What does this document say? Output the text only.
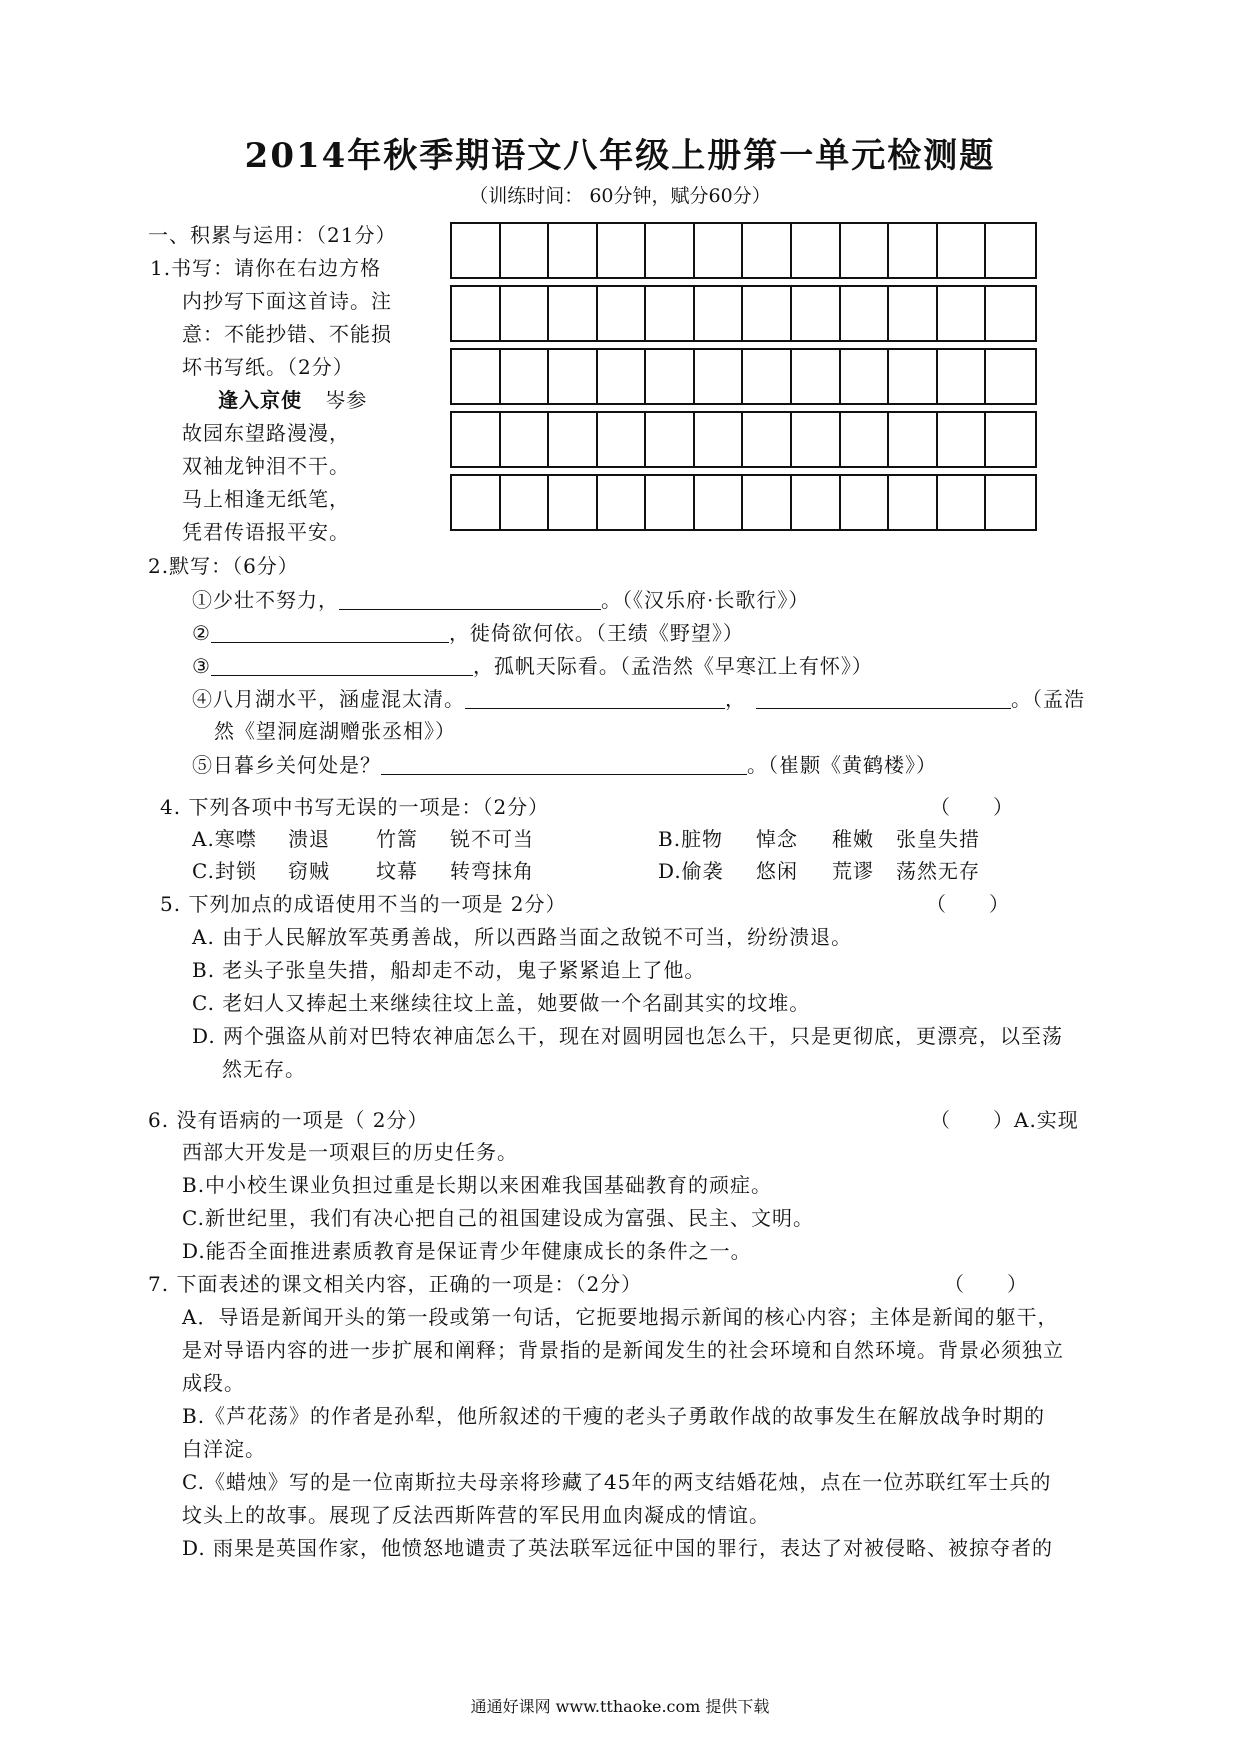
2014年秋季期语文八年级上册第一单元检测题
（训练时间： 60分钟，赋分60分）
一、积累与运用：（21分）
1.书写：请你在右边方格
内抄写下面这首诗。注
意：不能抄错、不能损
坏书写纸。（2分）
逢入京使 岑参
故园东望路漫漫，
双袖龙钟泪不干。
马上相逢无纸笔，
凭君传语报平安。
2.默写：（6分）
①少壮不努力，	。（《汉乐府·长歌行》）
②	，徙倚欲何依。（王绩《野望》）
③	，孤帆天际看。（孟浩然《早寒江上有怀》）
④八月湖水平，涵虚混太清。	，	。（孟浩
然《望洞庭湖赠张丞相》）
⑤日暮乡关何处是？	。（崔颢《黄鹤楼》）
4. 下列各项中书写无误的一项是：（2分）	（　　）
A.寒噤 溃退 竹篙 锐不可当	B.脏物 悼念 稚嫩 张皇失措
C.封锁 窃贼 坟幕 转弯抹角	D.偷袭 悠闲 荒谬 荡然无存
5. 下列加点的成语使用不当的一项是 2分）	（　　）
A. 由于人民解放军英勇善战，所以西路当面之敌锐不可当，纷纷溃退。
B. 老头子张皇失措，船却走不动，鬼子紧紧追上了他。
C. 老妇人又捧起土来继续往坟上盖，她要做一个名副其实的坟堆。
D. 两个强盗从前对巴特农神庙怎么干，现在对圆明园也怎么干，只是更彻底，更漂亮，以至荡
然无存。
6. 没有语病的一项是（ 2分）	（　　）A.实现
西部大开发是一项艰巨的历史任务。
B.中小校生课业负担过重是长期以来困难我国基础教育的顽症。
C.新世纪里，我们有决心把自己的祖国建设成为富强、民主、文明。
D.能否全面推进素质教育是保证青少年健康成长的条件之一。
7. 下面表述的课文相关内容，正确的一项是：（2分）	（　　）
A．导语是新闻开头的第一段或第一句话，它扼要地揭示新闻的核心内容；主体是新闻的躯干，
是对导语内容的进一步扩展和阐释；背景指的是新闻发生的社会环境和自然环境。背景必须独立
成段。
B.《芦花荡》的作者是孙犁，他所叙述的干瘦的老头子勇敢作战的故事发生在解放战争时期的
白洋淀。
C.《蜡烛》写的是一位南斯拉夫母亲将珍藏了45年的两支结婚花烛，点在一位苏联红军士兵的
坟头上的故事。展现了反法西斯阵营的军民用血肉凝成的情谊。
D. 雨果是英国作家，他愤怒地谴责了英法联军远征中国的罪行，表达了对被侵略、被掠夺者的
通通好课网 www.tthaoke.com 提供下载
